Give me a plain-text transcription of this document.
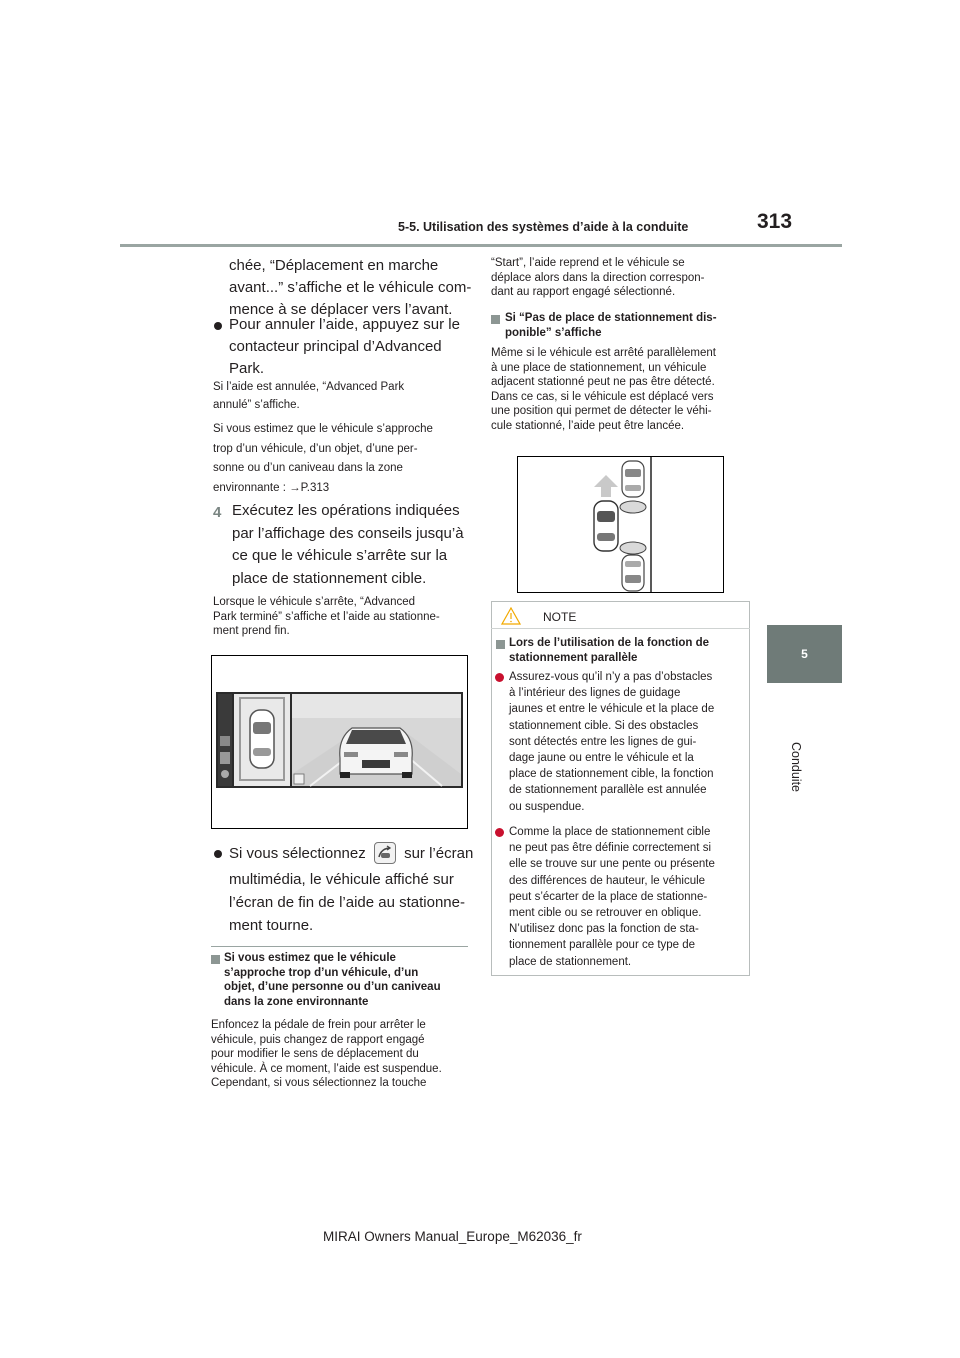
5-5. Utilisation des systèmes d’aide à la conduite	313
5
Conduite
chée, “Déplacement en marche
avant...” s’affiche et le véhicule com-
mence à se déplacer vers l’avant.
Pour annuler l’aide, appuyez sur le
contacteur principal d’Advanced
Park.
Si l’aide est annulée, “Advanced Park
annulé” s’affiche.
Si vous estimez que le véhicule s’approche
trop d’un véhicule, d’un objet, d’une per-
sonne ou d’un caniveau dans la zone
environnante : →P.313
4 Exécutez les opérations indiquées
par l’affichage des conseils jusqu’à
ce que le véhicule s’arrête sur la
place de stationnement cible.
Lorsque le véhicule s’arrête, “Advanced
Park terminé” s’affiche et l’aide au stationne-
ment prend fin.
Si vous sélectionnez	sur l’écran
multimédia, le véhicule affiché sur
l’écran de fin de l’aide au stationne-
ment tourne.
Si vous estimez que le véhicule
s’approche trop d’un véhicule, d’un
objet, d’une personne ou d’un caniveau
dans la zone environnante
Enfoncez la pédale de frein pour arrêter le
véhicule, puis changez de rapport engagé
pour modifier le sens de déplacement du
véhicule. À ce moment, l’aide est suspendue.
Cependant, si vous sélectionnez la touche
“Start”, l’aide reprend et le véhicule se
déplace alors dans la direction correspon-
dant au rapport engagé sélectionné.
Si “Pas de place de stationnement dis-
ponible” s’affiche
Même si le véhicule est arrêté parallèlement
à une place de stationnement, un véhicule
adjacent stationné peut ne pas être détecté.
Dans ce cas, si le véhicule est déplacé vers
une position qui permet de détecter le véhi-
cule stationné, l’aide peut être lancée.
NOTE
Lors de l’utilisation de la fonction de
stationnement parallèle
Assurez-vous qu’il n’y a pas d’obstacles
à l’intérieur des lignes de guidage
jaunes et entre le véhicule et la place de
stationnement cible. Si des obstacles
sont détectés entre les lignes de gui-
dage jaune ou entre le véhicule et la
place de stationnement cible, la fonction
de stationnement parallèle est annulée
ou suspendue.
Comme la place de stationnement cible
ne peut pas être définie correctement si
elle se trouve sur une pente ou présente
des différences de hauteur, le véhicule
peut s’écarter de la place de stationne-
ment cible ou se retrouver en oblique.
N’utilisez donc pas la fonction de sta-
tionnement parallèle pour ce type de
place de stationnement.
MIRAI Owners Manual_Europe_M62036_fr
